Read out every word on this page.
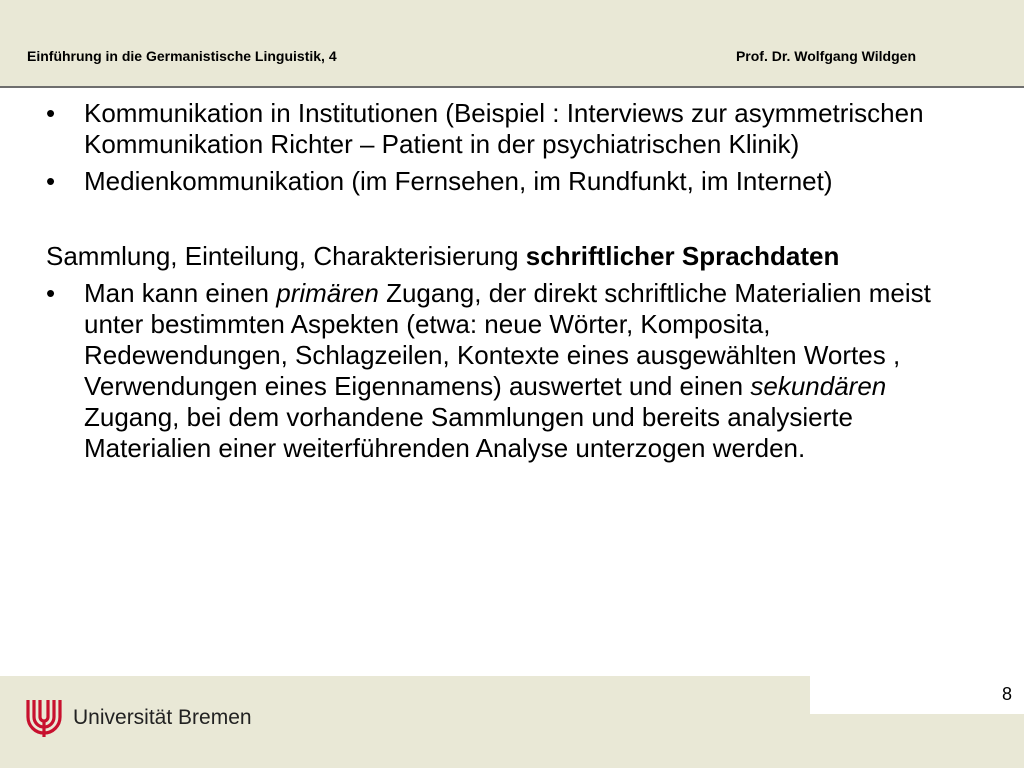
Einführung in die Germanistische Linguistik, 4	Prof. Dr. Wolfgang Wildgen
• Kommunikation in Institutionen (Beispiel : Interviews zur asymmetrischen Kommunikation Richter – Patient in der psychiatrischen Klinik)
• Medienkommunikation (im Fernsehen, im Rundfunkt, im Internet)
Sammlung, Einteilung, Charakterisierung schriftlicher Sprachdaten
• Man kann einen primären Zugang, der direkt schriftliche Materialien meist unter bestimmten Aspekten (etwa: neue Wörter, Komposita, Redewendungen, Schlagzeilen, Kontexte eines ausgewählten Wortes , Verwendungen eines Eigennamens) auswertet und einen sekundären Zugang, bei dem vorhandene Sammlungen und bereits analysierte Materialien einer weiterführenden Analyse unterzogen werden.
8
Universität Bremen
